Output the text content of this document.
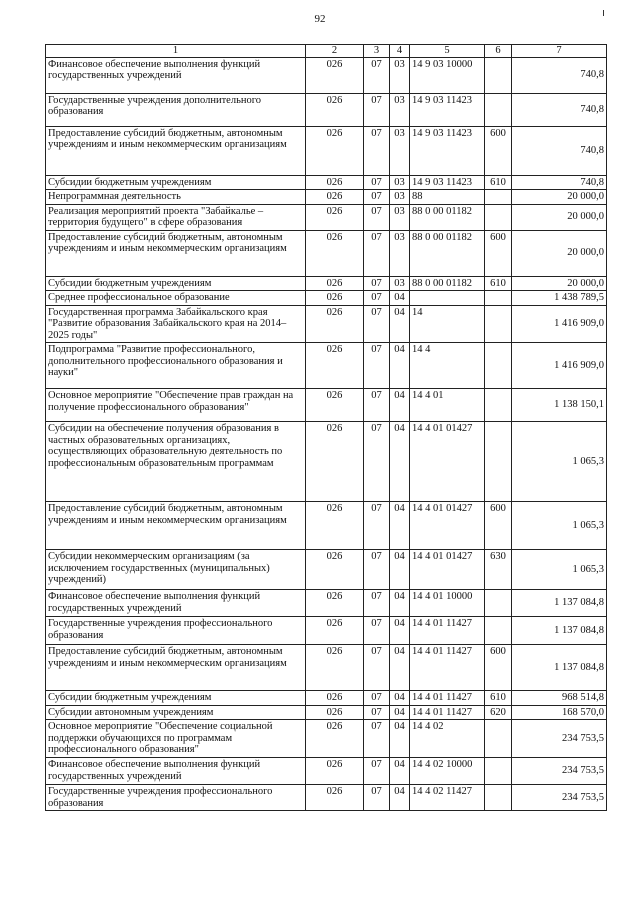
92
1	2	3	4	5	6	7
Финансовое обеспечение выполнения функций государственных учреждений	026	07	03	14 9 03 10000		740,8
Государственные учреждения дополнительного образования	026	07	03	14 9 03 11423		740,8
Предоставление субсидий бюджетным, автономным учреждениям и иным некоммерческим организациям	026	07	03	14 9 03 11423	600	740,8
Субсидии бюджетным учреждениям	026	07	03	14 9 03 11423	610	740,8
Непрограммная деятельность	026	07	03	88		20 000,0
Реализация мероприятий проекта "Забайкалье – территория будущего" в сфере образования	026	07	03	88 0 00 01182		20 000,0
Предоставление субсидий бюджетным, автономным учреждениям и иным некоммерческим организациям	026	07	03	88 0 00 01182	600	20 000,0
Субсидии бюджетным учреждениям	026	07	03	88 0 00 01182	610	20 000,0
Среднее профессиональное образование	026	07	04			1 438 789,5
Государственная программа Забайкальского края "Развитие образования Забайкальского края на 2014–2025 годы"	026	07	04	14		1 416 909,0
Подпрограмма "Развитие профессионального, дополнительного профессионального образования и науки"	026	07	04	14 4		1 416 909,0
Основное мероприятие "Обеспечение прав граждан на получение профессионального образования"	026	07	04	14 4 01		1 138 150,1
Субсидии на обеспечение получения образования в частных образовательных организациях, осуществляющих образовательную деятельность по профессиональным образовательным программам	026	07	04	14 4 01 01427		1 065,3
Предоставление субсидий бюджетным, автономным учреждениям и иным некоммерческим организациям	026	07	04	14 4 01 01427	600	1 065,3
Субсидии некоммерческим организациям (за исключением государственных (муниципальных) учреждений)	026	07	04	14 4 01 01427	630	1 065,3
Финансовое обеспечение выполнения функций государственных учреждений	026	07	04	14 4 01 10000		1 137 084,8
Государственные учреждения профессионального образования	026	07	04	14 4 01 11427		1 137 084,8
Предоставление субсидий бюджетным, автономным учреждениям и иным некоммерческим организациям	026	07	04	14 4 01 11427	600	1 137 084,8
Субсидии бюджетным учреждениям	026	07	04	14 4 01 11427	610	968 514,8
Субсидии автономным учреждениям	026	07	04	14 4 01 11427	620	168 570,0
Основное мероприятие "Обеспечение социальной поддержки обучающихся по программам профессионального образования"	026	07	04	14 4 02		234 753,5
Финансовое обеспечение выполнения функций государственных учреждений	026	07	04	14 4 02 10000		234 753,5
Государственные учреждения профессионального образования	026	07	04	14 4 02 11427		234 753,5
